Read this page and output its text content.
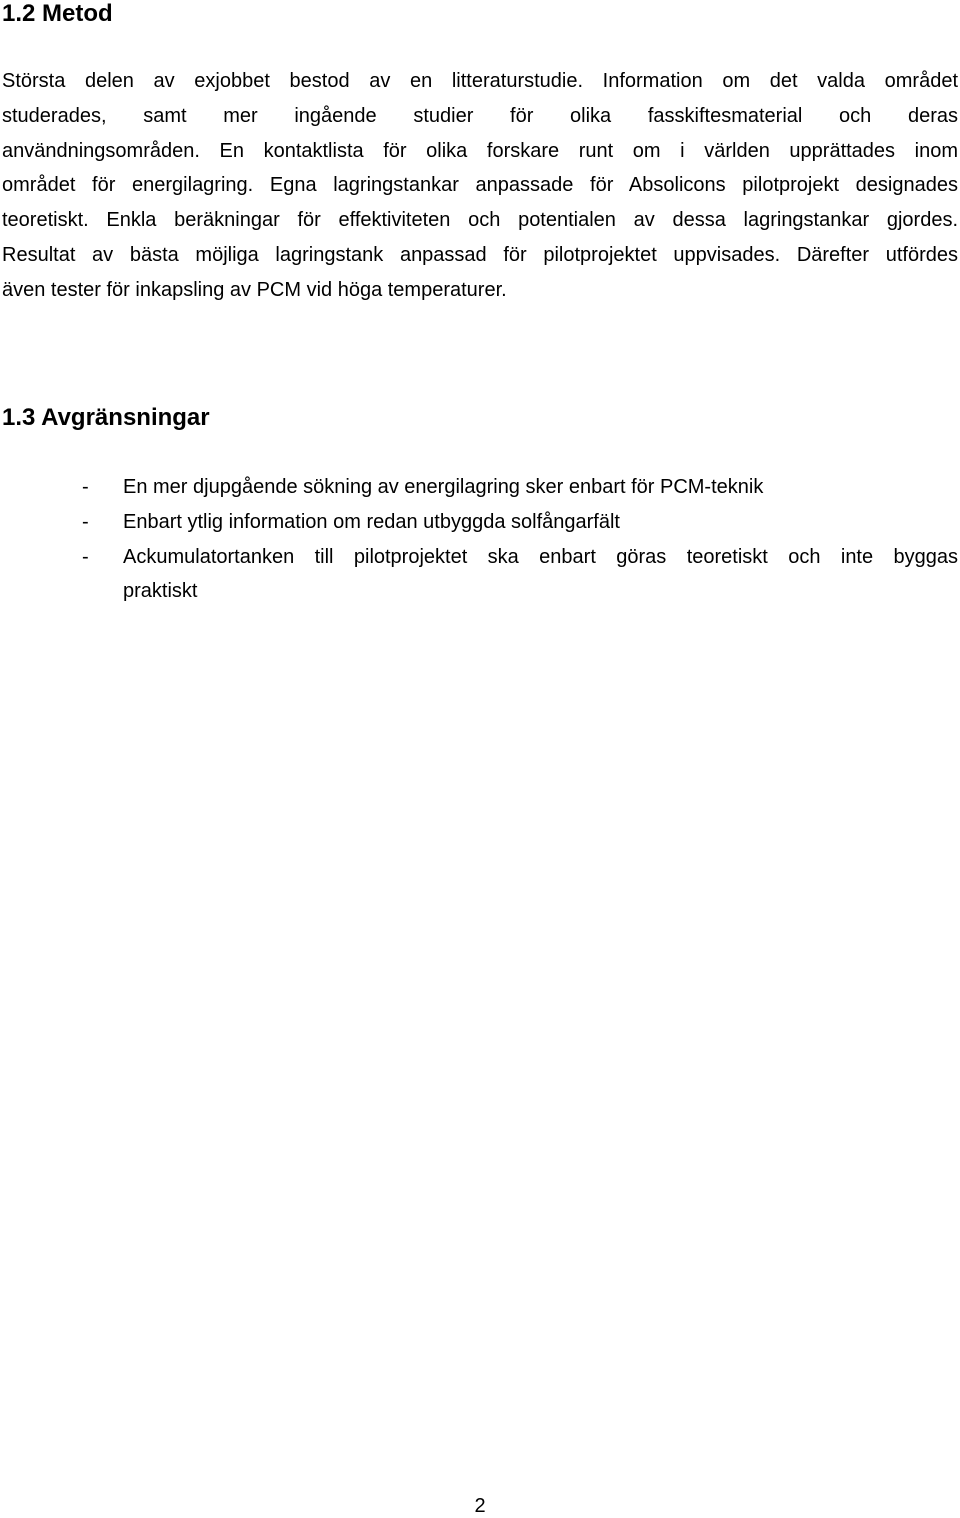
1.2 Metod
Största delen av exjobbet bestod av en litteraturstudie. Information om det valda området
studerades, samt mer ingående studier för olika fasskiftesmaterial och deras
användningsområden. En kontaktlista för olika forskare runt om i världen upprättades inom
området för energilagring. Egna lagringstankar anpassade för Absolicons pilotprojekt designades
teoretiskt. Enkla beräkningar för effektiviteten och potentialen av dessa lagringstankar gjordes.
Resultat av bästa möjliga lagringstank anpassad för pilotprojektet uppvisades. Därefter utfördes
även tester för inkapsling av PCM vid höga temperaturer.
1.3 Avgränsningar
- En mer djupgående sökning av energilagring sker enbart för PCM-teknik
- Enbart ytlig information om redan utbyggda solfångarfält
- Ackumulatortanken till pilotprojektet ska enbart göras teoretiskt och inte byggas
praktiskt
2
